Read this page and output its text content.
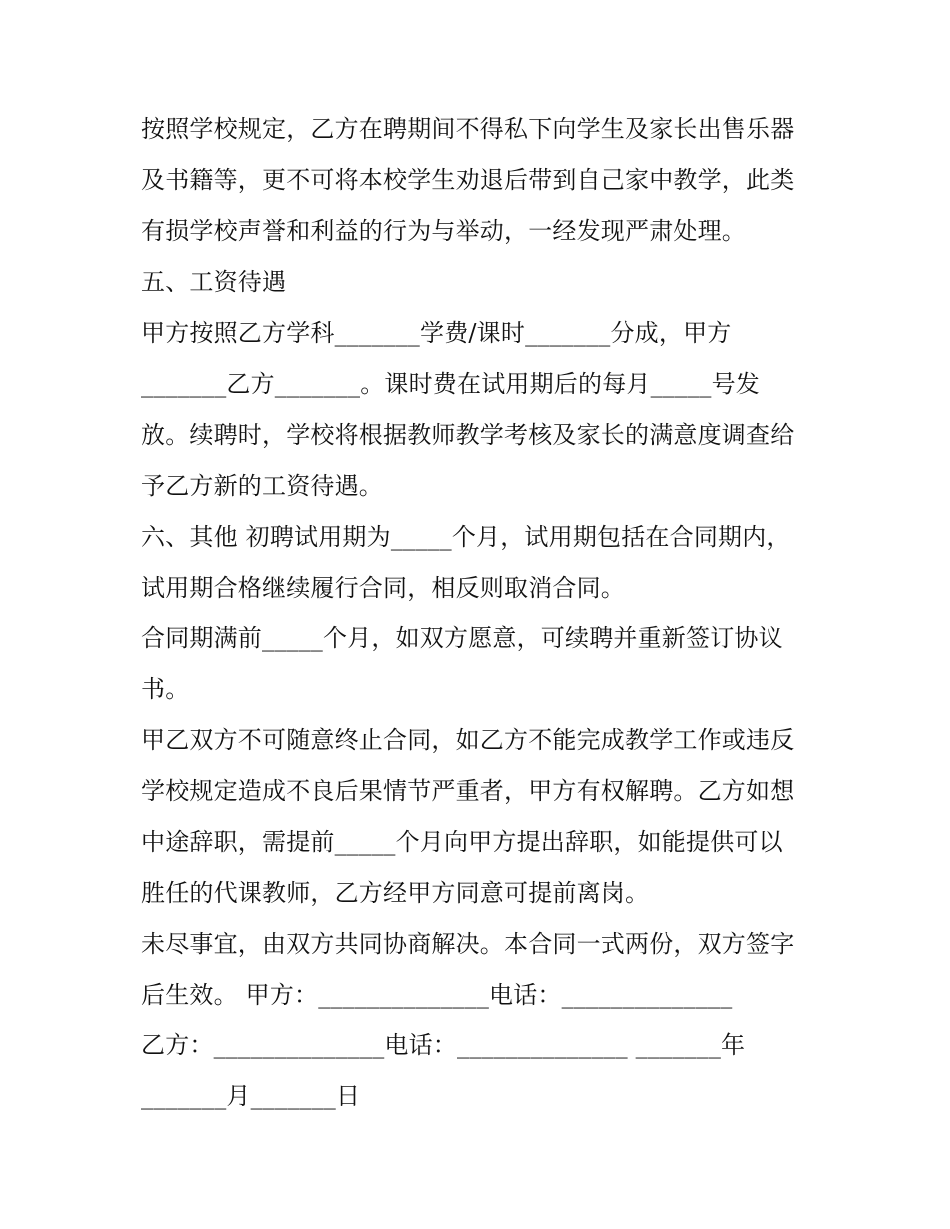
按照学校规定，乙方在聘期间不得私下向学生及家长出售乐器
及书籍等，更不可将本校学生劝退后带到自己家中教学，此类
有损学校声誉和利益的行为与举动，一经发现严肃处理。
五、工资待遇
甲方按照乙方学科_______学费/课时_______分成，甲方
_______乙方_______。课时费在试用期后的每月_____号发
放。续聘时，学校将根据教师教学考核及家长的满意度调查给
予乙方新的工资待遇。
六、其他 初聘试用期为_____个月，试用期包括在合同期内，
试用期合格继续履行合同，相反则取消合同。
合同期满前_____个月，如双方愿意，可续聘并重新签订协议
书。
甲乙双方不可随意终止合同，如乙方不能完成教学工作或违反
学校规定造成不良后果情节严重者，甲方有权解聘。乙方如想
中途辞职，需提前_____个月向甲方提出辞职，如能提供可以
胜任的代课教师，乙方经甲方同意可提前离岗。
未尽事宜，由双方共同协商解决。本合同一式两份，双方签字
后生效。 甲方：______________电话：______________
乙方：______________电话：______________ _______年
_______月_______日
